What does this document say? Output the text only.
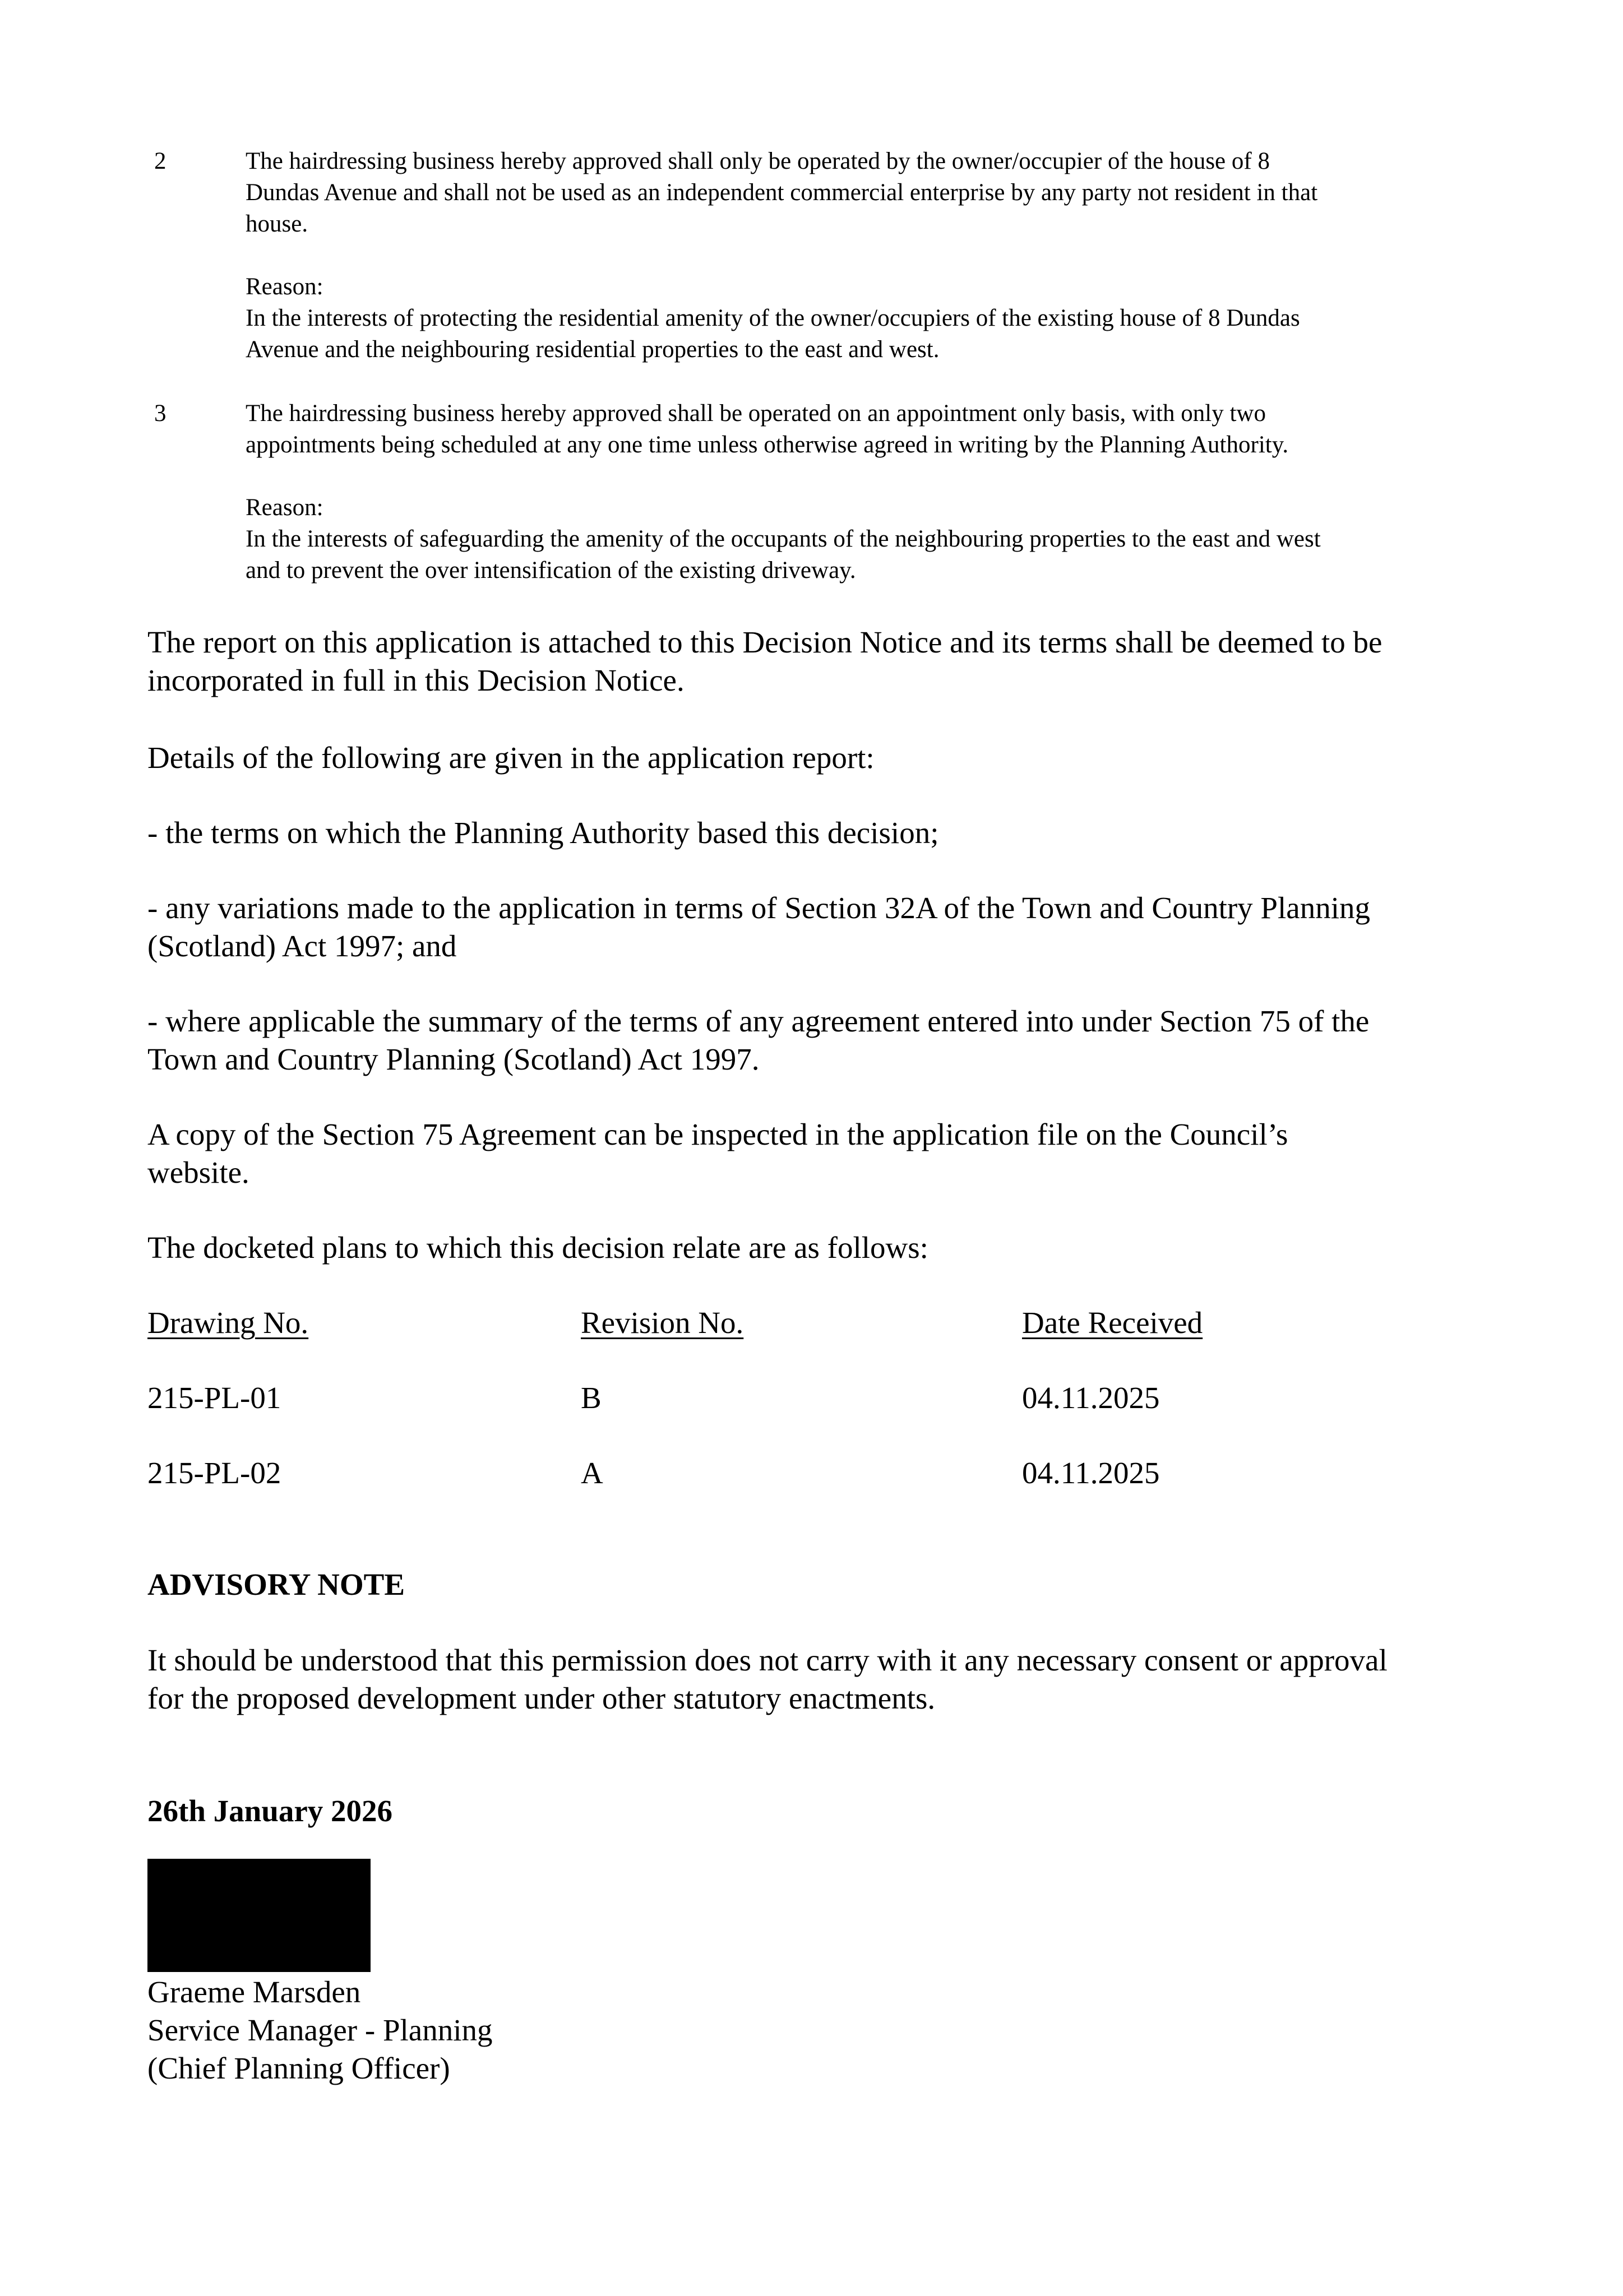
2	The hairdressing business hereby approved shall only be operated by the owner/occupier of the house of 8
Dundas Avenue and shall not be used as an independent commercial enterprise by any party not resident in that
house.
Reason:
In the interests of protecting the residential amenity of the owner/occupiers of the existing house of 8 Dundas
Avenue and the neighbouring residential properties to the east and west.
3	The hairdressing business hereby approved shall be operated on an appointment only basis, with only two
appointments being scheduled at any one time unless otherwise agreed in writing by the Planning Authority.
Reason:
In the interests of safeguarding the amenity of the occupants of the neighbouring properties to the east and west
and to prevent the over intensification of the existing driveway.
The report on this application is attached to this Decision Notice and its terms shall be deemed to be
incorporated in full in this Decision Notice.
Details of the following are given in the application report:
- the terms on which the Planning Authority based this decision;
- any variations made to the application in terms of Section 32A of the Town and Country Planning
(Scotland) Act 1997; and
- where applicable the summary of the terms of any agreement entered into under Section 75 of the
Town and Country Planning (Scotland) Act 1997.
A copy of the Section 75 Agreement can be inspected in the application file on the Council’s
website.
The docketed plans to which this decision relate are as follows:
Drawing No.	Revision No.	Date Received
215-PL-01	B	04.11.2025
215-PL-02	A	04.11.2025
ADVISORY NOTE
It should be understood that this permission does not carry with it any necessary consent or approval
for the proposed development under other statutory enactments.
26th January 2026
Graeme Marsden
Service Manager - Planning
(Chief Planning Officer)
